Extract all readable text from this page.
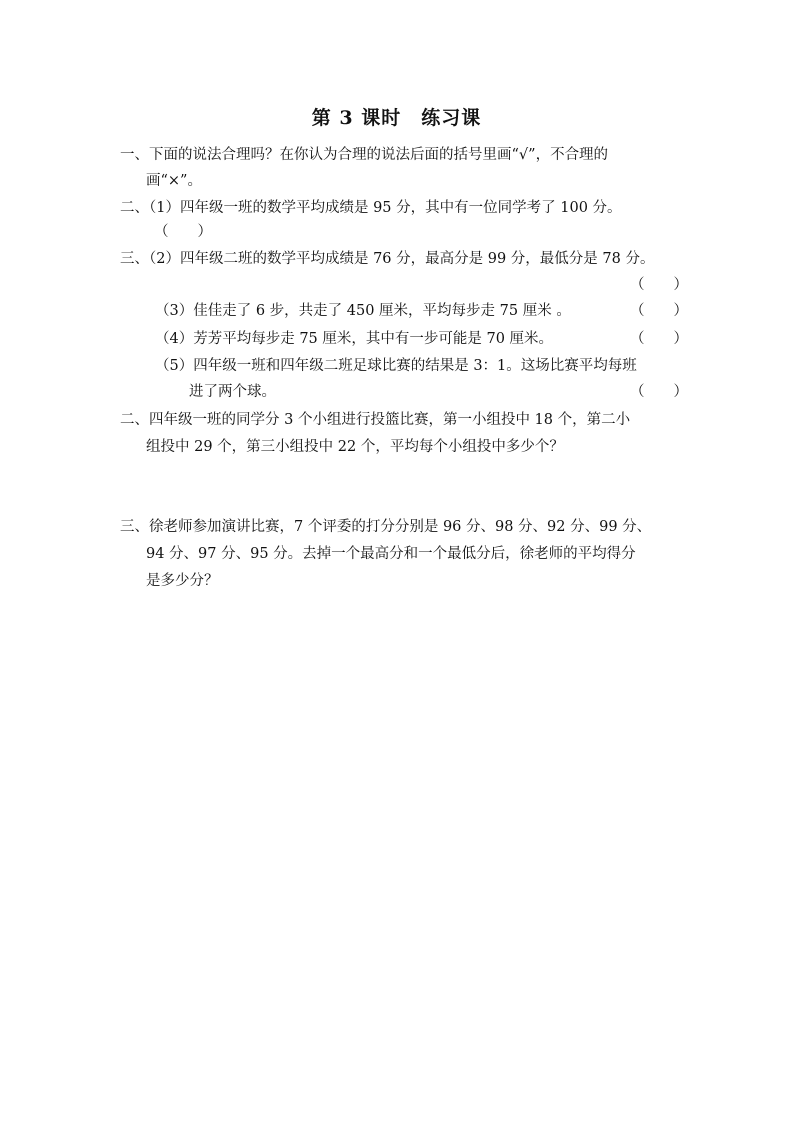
第 3 课时　练习课
一、下面的说法合理吗？在你认为合理的说法后面的括号里画“√”，不合理的
画“×”。
二、（1）四年级一班的数学平均成绩是 95 分，其中有一位同学考了 100 分。
（　　）
三、（2）四年级二班的数学平均成绩是 76 分，最高分是 99 分，最低分是 78 分。
（　　）
（3）佳佳走了 6 步，共走了 450 厘米，平均每步走 75 厘米 。	（　　）
（4）芳芳平均每步走 75 厘米，其中有一步可能是 70 厘米。	（　　）
（5）四年级一班和四年级二班足球比赛的结果是 3：1。这场比赛平均每班
进了两个球。	（　　）
二、四年级一班的同学分 3 个小组进行投篮比赛，第一小组投中 18 个，第二小
组投中 29 个，第三小组投中 22 个，平均每个小组投中多少个？
三、徐老师参加演讲比赛，7 个评委的打分分别是 96 分、98 分、92 分、99 分、
94 分、97 分、95 分。去掉一个最高分和一个最低分后，徐老师的平均得分
是多少分？
